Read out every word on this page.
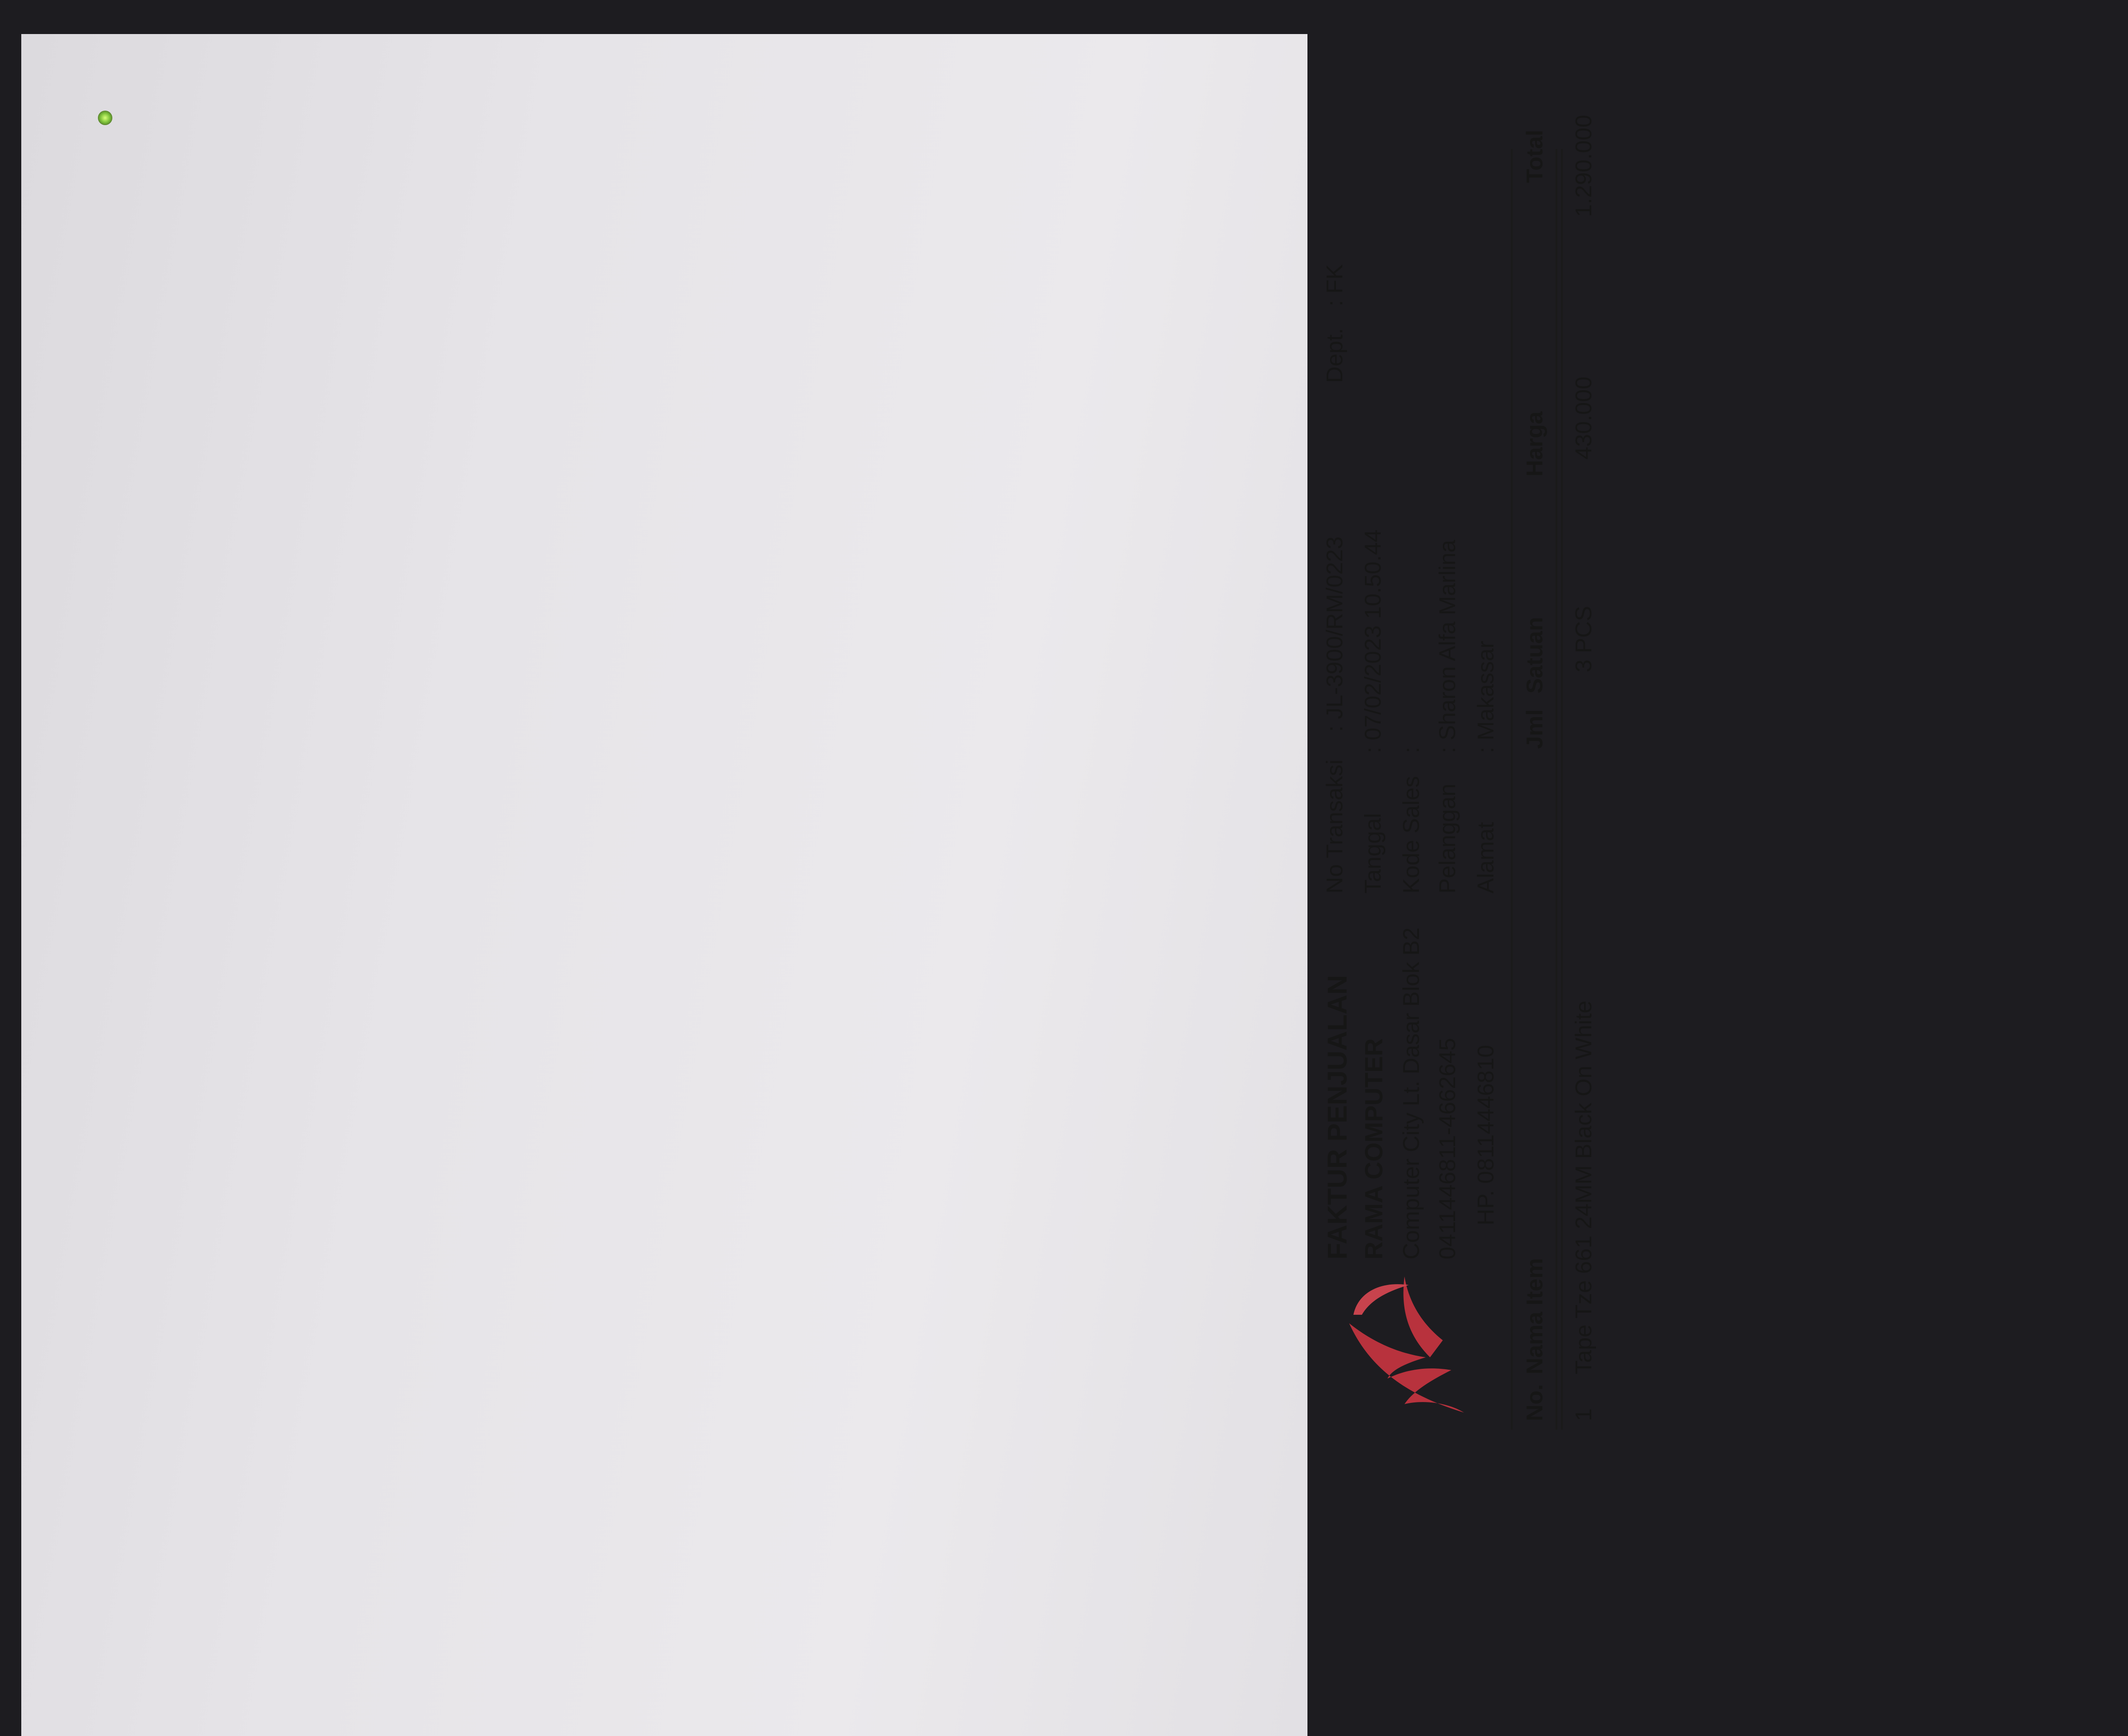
FAKTUR PENJUALAN RAMA COMPUTER Computer City Lt. Dasar Blok B2 0411446811-4662645 HP. 08114446810
No Transaksi
: JL-3900/RM/0223
Dept.
: FK
Tanggal
: 07/02/2023 10.50.44
Kode Sales
:
Pelanggan
: Sharon Alfa Marlina
Alamat
: Makassar
No.
Nama Item
Jml
Satuan
Harga
Total
1
Tape Tze 661 24MM Black On White
3 PCS
430.000
1.290.000
